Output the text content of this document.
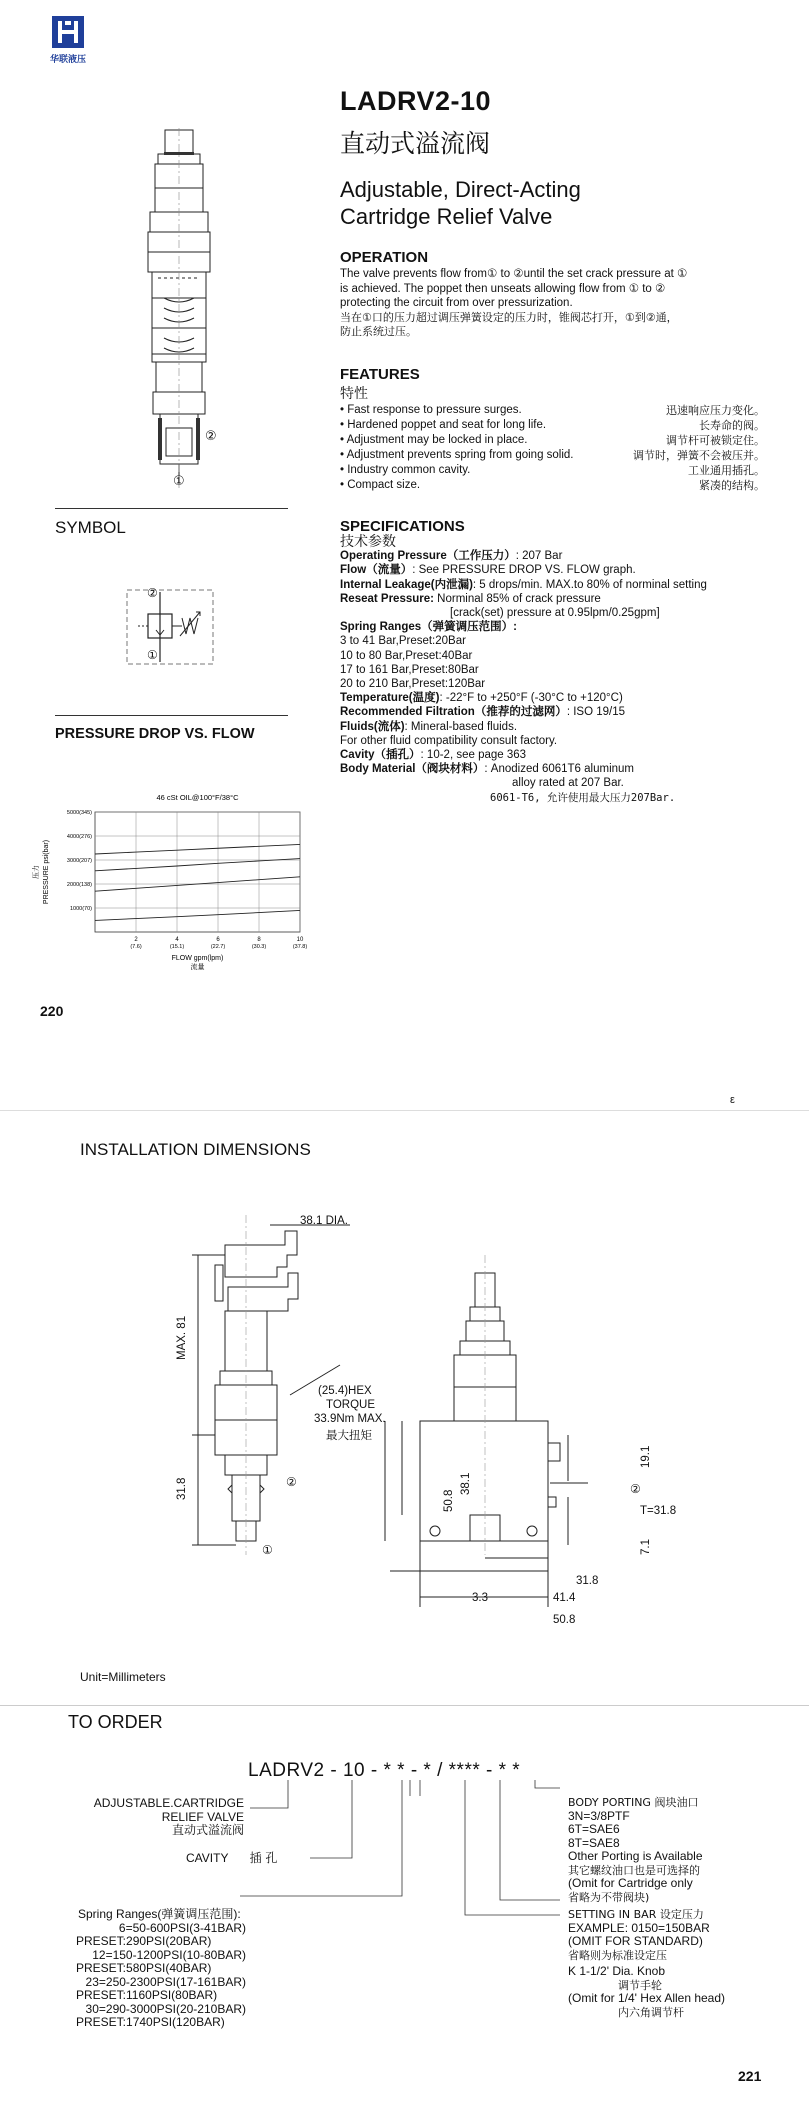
华联液压
LADRV2-10
直动式溢流阀
Adjustable, Direct-Acting
Cartridge Relief Valve
②
①
OPERATION
The valve prevents flow from① to ②until the set crack pressure at ①
is achieved. The poppet then unseats allowing flow from ① to ②
protecting the circuit from over pressurization.
当在①口的压力超过调压弹簧设定的压力时，锥阀芯打开，①到②通，
防止系统过压。
FEATURES
特性
• Fast response to pressure surges.	迅速响应压力变化。
• Hardened poppet and seat for long life.	长寿命的阀。
• Adjustment may be locked in place.	调节杆可被锁定住。
• Adjustment prevents spring from going solid.	调节时，弹簧不会被压并。
• Industry common cavity.	工业通用插孔。
• Compact size.	紧凑的结构。
SPECIFICATIONS
技术参数
Operating Pressure（工作压力）: 207 Bar
Flow（流量）: See PRESSURE DROP VS. FLOW graph.
Internal Leakage(内泄漏): 5 drops/min. MAX.to 80% of norminal setting
Reseat Pressure: Norminal 85% of crack pressure
[crack(set) pressure at 0.95lpm/0.25gpm]
Spring Ranges（弹簧调压范围）:
3 to 41 Bar,Preset:20Bar
10 to 80 Bar,Preset:40Bar
17 to 161 Bar,Preset:80Bar
20 to 210 Bar,Preset:120Bar
Temperature(温度): -22°F to +250°F (-30°C to +120°C)
Recommended Filtration（推荐的过滤网）: ISO 19/15
Fluids(流体): Mineral-based fluids.
For other fluid compatibility consult factory.
Cavity（插孔）: 10-2, see page 363
Body Material（阀块材料）: Anodized 6061T6 aluminum
alloy rated at 207 Bar.
6061-T6, 允许使用最大压力207Bar.
SYMBOL
②
①
PRESSURE DROP VS. FLOW
46 cSt OIL@100°F/38°C
1000(70)
2000(138)
3000(207)
4000(276)
5000(345)
2
(7.6)
4
(15.1)
6
(22.7)
8
(30.3)
10
(37.8)
FLOW gpm(lpm)
流量
PRESSURE psi(bar)
压力
220
ε
INSTALLATION DIMENSIONS
38.1 DIA.
MAX. 81
(25.4)HEX
TORQUE
33.9Nm MAX.
最大扭矩
31.8	②
①
50.8
38.1
19.1
②
T=31.8
7.1
3.3
31.8
41.4
50.8
Unit=Millimeters
TO ORDER
LADRV2 - 10 - * * - * / **** - * *
ADJUSTABLE.CARTRIDGE
RELIEF VALVE
直动式溢流阀
CAVITY 插 孔
Spring Ranges(弹簧调压范围):
6=50-600PSI(3-41BAR)PRESET:290PSI(20BAR)
12=150-1200PSI(10-80BAR)PRESET:580PSI(40BAR)
23=250-2300PSI(17-161BAR)PRESET:1160PSI(80BAR)
30=290-3000PSI(20-210BAR)PRESET:1740PSI(120BAR)
BODY PORTING 阀块油口
3N=3/8PTF
6T=SAE6
8T=SAE8
Other Porting is Available
其它螺纹油口也是可选择的
(Omit for Cartridge only
省略为不带阀块)
SETTING IN BAR 设定压力
EXAMPLE: 0150=150BAR
(OMIT FOR STANDARD)
省略则为标准设定压
K 1-1/2' Dia. Knob
调节手轮
(Omit for 1/4' Hex Allen head)
内六角调节杆
221
